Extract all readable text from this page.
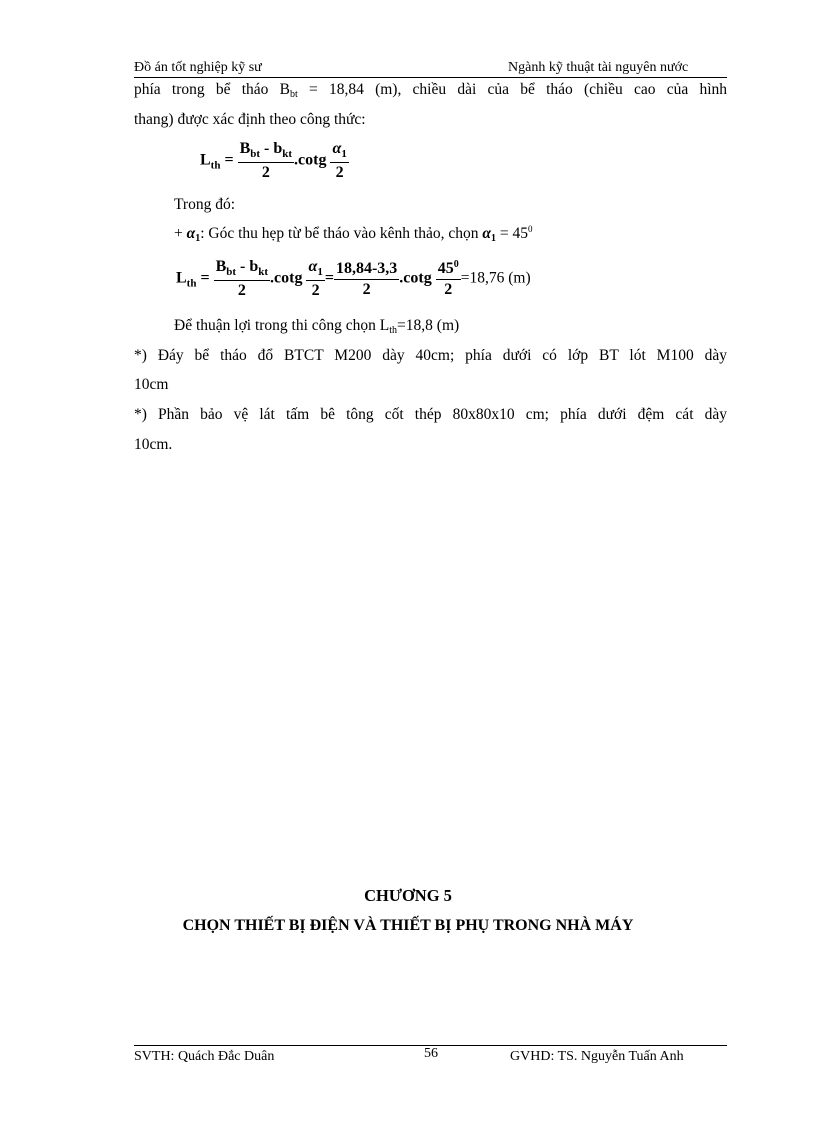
Đồ án tốt nghiệp kỹ sư	Ngành kỹ thuật tài nguyên nước
phía trong bể tháo $B_{bt} = 18,84$ (m), chiều dài của bể tháo (chiều cao của hình
thang) được xác định theo công thức:
$L_{th} = \frac{B_{bt} - b_{kt}}{2} .\cot g \frac{\alpha_1}{2}$
Trong đó:
+ $\alpha_1$: Góc thu hẹp từ bể tháo vào kênh thảo, chọn $\alpha_1 = 45^0$
$L_{th} = \frac{B_{bt} - b_{kt}}{2} .\cot g \frac{\alpha_1}{2} = \frac{18,84-3,3}{2} .\cot g \frac{45^0}{2} =18,76$ (m)
Để thuận lợi trong thi công chọn $L_{th}=18,8$ (m)
*) Đáy bể tháo đổ BTCT M200 dày 40cm; phía dưới có lớp BT lót M100 dày
10cm
*) Phần bảo vệ lát tấm bê tông cốt thép 80x80x10 cm; phía dưới đệm cát dày
10cm.
CHƯƠNG 5
CHỌN THIẾT BỊ ĐIỆN VÀ THIẾT BỊ PHỤ TRONG NHÀ MÁY
SVTH: Quách Đắc Duân	56	GVHD: TS. Nguyễn Tuấn Anh
